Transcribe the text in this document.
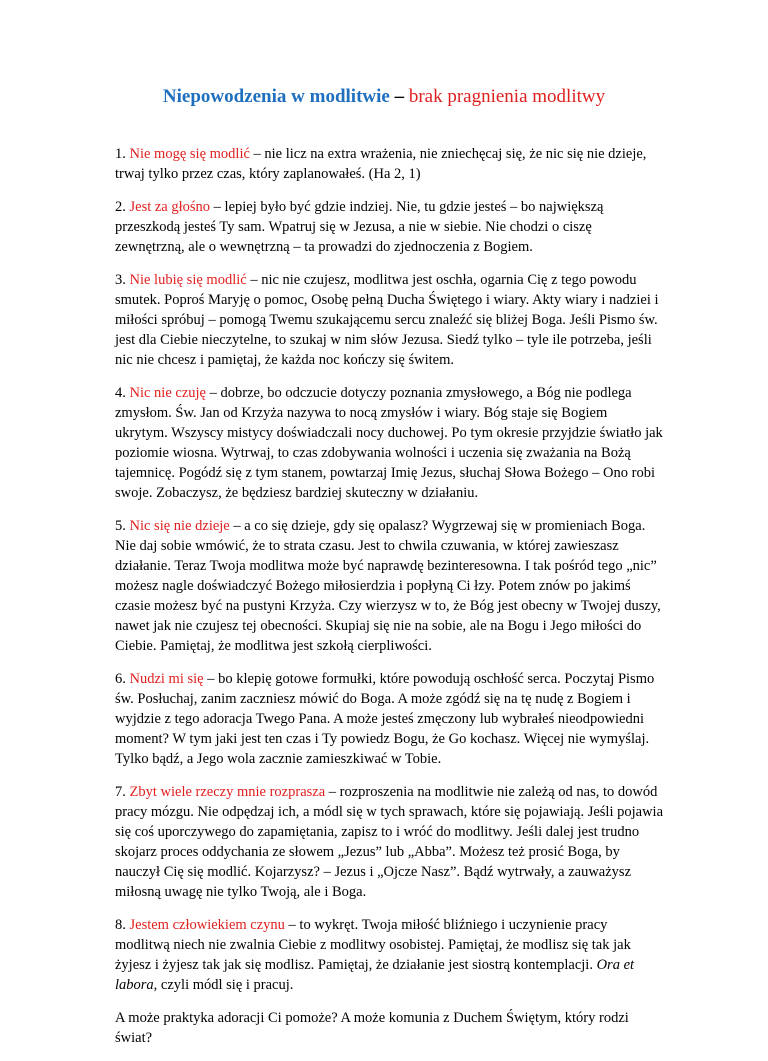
Niepowodzenia w modlitwie – brak pragnienia modlitwy

1. Nie mogę się modlić – nie licz na extra wrażenia, nie zniechęcaj się, że nic się nie dzieje, trwaj tylko przez czas, który zaplanowałeś. (Ha 2, 1)

2. Jest za głośno – lepiej było być gdzie indziej. Nie, tu gdzie jesteś – bo największą przeszkodą jesteś Ty sam. Wpatruj się w Jezusa, a nie w siebie. Nie chodzi o ciszę zewnętrzną, ale o wewnętrzną – ta prowadzi do zjednoczenia z Bogiem.

3. Nie lubię się modlić – nic nie czujesz, modlitwa jest oschła, ogarnia Cię z tego powodu smutek. Poproś Maryję o pomoc, Osobę pełną Ducha Świętego i wiary. Akty wiary i nadziei i miłości spróbuj – pomogą Twemu szukającemu sercu znaleźć się bliżej Boga. Jeśli Pismo św. jest dla Ciebie nieczytelne, to szukaj w nim słów Jezusa. Siedź tylko – tyle ile potrzeba, jeśli nic nie chcesz i pamiętaj, że każda noc kończy się świtem.

4. Nic nie czuję – dobrze, bo odczucie dotyczy poznania zmysłowego, a Bóg nie podlega zmysłom. Św. Jan od Krzyża nazywa to nocą zmysłów i wiary. Bóg staje się Bogiem ukrytym. Wszyscy mistycy doświadczali nocy duchowej. Po tym okresie przyjdzie światło jak poziomie wiosna. Wytrwaj, to czas zdobywania wolności i uczenia się zważania na Bożą tajemnicę. Pogódź się z tym stanem, powtarzaj Imię Jezus, słuchaj Słowa Bożego – Ono robi swoje. Zobaczysz, że będziesz bardziej skuteczny w działaniu.

5. Nic się nie dzieje – a co się dzieje, gdy się opalasz? Wygrzewaj się w promieniach Boga. Nie daj sobie wmówić, że to strata czasu. Jest to chwila czuwania, w której zawieszasz działanie. Teraz Twoja modlitwa może być naprawdę bezinteresowna. I tak pośród tego „nic” możesz nagle doświadczyć Bożego miłosierdzia i popłyną Ci łzy. Potem znów po jakimś czasie możesz być na pustyni Krzyża. Czy wierzysz w to, że Bóg jest obecny w Twojej duszy, nawet jak nie czujesz tej obecności. Skupiaj się nie na sobie, ale na Bogu i Jego miłości do Ciebie. Pamiętaj, że modlitwa jest szkołą cierpliwości.

6. Nudzi mi się – bo klepię gotowe formułki, które powodują oschłość serca. Poczytaj Pismo św. Posłuchaj, zanim zaczniesz mówić do Boga. A może zgódź się na tę nudę z Bogiem i wyjdzie z tego adoracja Twego Pana. A może jesteś zmęczony lub wybrałeś nieodpowiedni moment? W tym jaki jest ten czas i Ty powiedz Bogu, że Go kochasz. Więcej nie wymyślaj. Tylko bądź, a Jego wola zacznie zamieszkiwać w Tobie.

7. Zbyt wiele rzeczy mnie rozprasza – rozproszenia na modlitwie nie zależą od nas, to dowód pracy mózgu. Nie odpędzaj ich, a módl się w tych sprawach, które się pojawiają. Jeśli pojawia się coś uporczywego do zapamiętania, zapisz to i wróć do modlitwy. Jeśli dalej jest trudno skojarz proces oddychania ze słowem „Jezus” lub „Abba”. Możesz też prosić Boga, by nauczył Cię się modlić. Kojarzysz? – Jezus i „Ojcze Nasz”. Bądź wytrwały, a zauważysz miłosną uwagę nie tylko Twoją, ale i Boga.

8. Jestem człowiekiem czynu – to wykręt. Twoja miłość bliźniego i uczynienie pracy modlitwą niech nie zwalnia Ciebie z modlitwy osobistej. Pamiętaj, że modlisz się tak jak żyjesz i żyjesz tak jak się modlisz. Pamiętaj, że działanie jest siostrą kontemplacji. Ora et labora, czyli módl się i pracuj.

A może praktyka adoracji Ci pomoże? A może komunia z Duchem Świętym, który rodzi świat?
